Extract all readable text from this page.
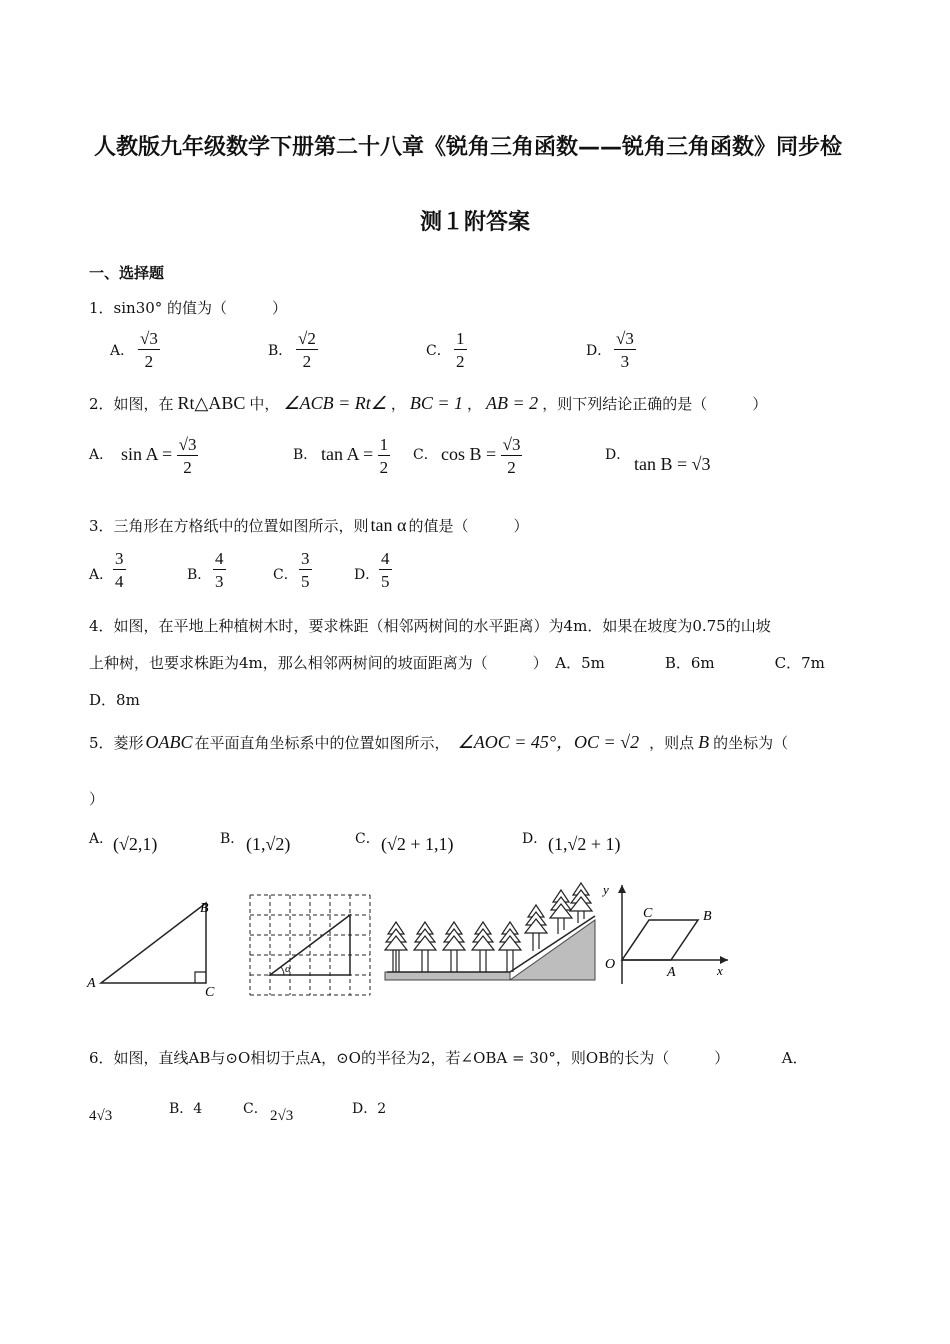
人教版九年级数学下册第二十八章《锐角三角函数——锐角三角函数》同步检
测１附答案
一、选择题
1．sin30° 的值为（　　　）
A． $\frac{√3}{2}$	B． $\frac{√2}{2}$	C． $\frac{1}{2}$	D． $\frac{√3}{3}$
2．如图，在 Rt△ABC 中， ∠ACB = Rt∠ ， BC = 1 ， AB = 2 ，则下列结论正确的是（　　　）
A． $\sin A = \frac{√3}{2}$	B． $\tan A = \frac{1}{2}$ C． $\cos B = \frac{√3}{2}$	D． tan B = √3
3．三角形在方格纸中的位置如图所示，则 tan α 的值是（　　　）
A． $\frac{3}{4}$	B． $\frac{4}{3}$	C． $\frac{3}{5}$	D． $\frac{4}{5}$
4．如图，在平地上种植树木时，要求株距（相邻两树间的水平距离）为4m．如果在坡度为0.75的山坡
上种树，也要求株距为4m，那么相邻两树间的坡面距离为（　　　）　A．5m　　　　B．6m　　　　C．7m
D．8m
5．菱形 OABC 在平面直角坐标系中的位置如图所示， ∠AOC = 45°，OC = √2 ，则点 B 的坐标为（
）
A． (√2,1)	B． (1,√2)	C． (√2 + 1,1)	D． (1,√2 + 1)
A
B
C
α	O
A
B
C
x
y
6．如图，直线AB与⊙O相切于点A，⊙O的半径为2，若∠OBA = 30°，则OB的长为（　　　）　　　　A．
4√3	B．4	C． 2√3	D．2
